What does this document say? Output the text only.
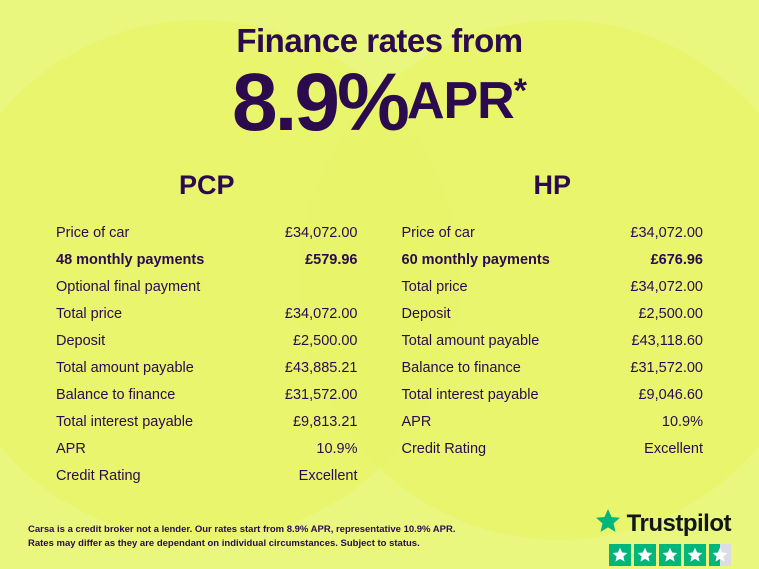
Finance rates from
8.9%APR*
PCP
Price of car	£34,072.00
48 monthly payments	£579.96
Optional final payment
Total price	£34,072.00
Deposit	£2,500.00
Total amount payable	£43,885.21
Balance to finance	£31,572.00
Total interest payable	£9,813.21
APR	10.9%
Credit Rating	Excellent
HP
Price of car	£34,072.00
60 monthly payments	£676.96
Total price	£34,072.00
Deposit	£2,500.00
Total amount payable	£43,118.60
Balance to finance	£31,572.00
Total interest payable	£9,046.60
APR	10.9%
Credit Rating	Excellent
Carsa is a credit broker not a lender. Our rates start from 8.9% APR, representative 10.9% APR. Rates may differ as they are dependant on individual circumstances. Subject to status.
Trustpilot
